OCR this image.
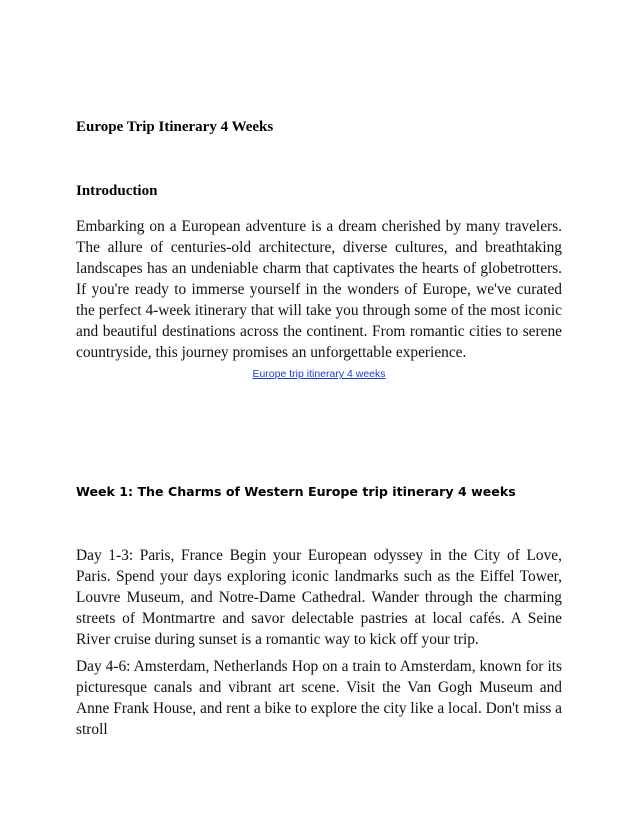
Europe Trip Itinerary 4 Weeks
Introduction

Embarking on a European adventure is a dream cherished by many travelers. The allure of centuries-old architecture, diverse cultures, and breathtaking landscapes has an undeniable charm that captivates the hearts of globetrotters. If you're ready to immerse yourself in the wonders of Europe, we've curated the perfect 4-week itinerary that will take you through some of the most iconic and beautiful destinations across the continent. From romantic cities to serene countryside, this journey promises an unforgettable experience.

Europe trip itinerary 4 weeks
Week 1: The Charms of Western Europe trip itinerary 4 weeks

Day 1-3: Paris, France Begin your European odyssey in the City of Love, Paris. Spend your days exploring iconic landmarks such as the Eiffel Tower, Louvre Museum, and Notre-Dame Cathedral. Wander through the charming streets of Montmartre and savor delectable pastries at local cafés. A Seine River cruise during sunset is a romantic way to kick off your trip.

Day 4-6: Amsterdam, Netherlands Hop on a train to Amsterdam, known for its picturesque canals and vibrant art scene. Visit the Van Gogh Museum and Anne Frank House, and rent a bike to explore the city like a local. Don't miss a stroll
